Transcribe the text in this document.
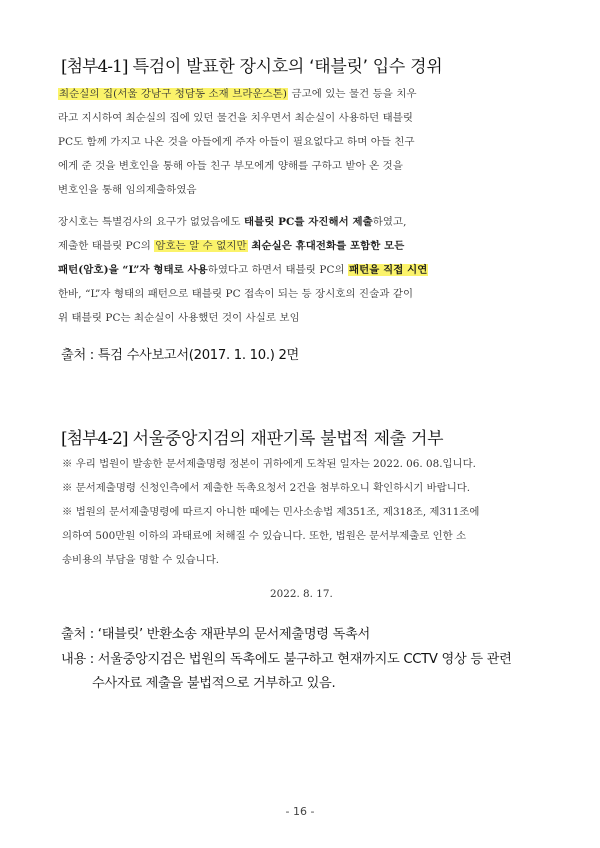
[첨부4-1] 특검이 발표한 장시호의 ‘태블릿’ 입수 경위

최순실의 집(서울 강남구 청담동 소재 브라운스톤) 금고에 있는 물건 등을 치우

라고 지시하여 최순실의 집에 있던 물건을 치우면서 최순실이 사용하던 태블릿

PC도 함께 가지고 나온 것을 아들에게 주자 아들이 필요없다고 하며 아들 친구

에게 준 것을 변호인을 통해 아들 친구 부모에게 양해를 구하고 받아 온 것을

변호인을 통해 임의제출하였음

장시호는 특별검사의 요구가 없었음에도 태블릿 PC를 자진해서 제출하였고,

제출한 태블릿 PC의 암호는 알 수 없지만 최순실은 휴대전화를 포함한 모든

패턴(암호)을 “L”자 형태로 사용하였다고 하면서 태블릿 PC의 패턴을 직접 시연

한바, “L”자 형태의 패턴으로 태블릿 PC 접속이 되는 등 장시호의 진술과 같이

위 태블릿 PC는 최순실이 사용했던 것이 사실로 보임

출처 : 특검 수사보고서(2017. 1. 10.) 2면
[첨부4-2] 서울중앙지검의 재판기록 불법적 제출 거부

※ 우리 법원이 발송한 문서제출명령 정본이 귀하에게 도착된 일자는 2022. 06. 08.입니다.

※ 문서제출명령 신청인측에서 제출한 독촉요청서 2건을 첨부하오니 확인하시기 바랍니다.

※ 법원의 문서제출명령에 따르지 아니한 때에는 민사소송법 제351조, 제318조, 제311조에

의하여 500만원 이하의 과태료에 처해질 수 있습니다. 또한, 법원은 문서부제출로 인한 소

송비용의 부담을 명할 수 있습니다.

2022. 8. 17.
출처 : ‘태블릿’ 반환소송 재판부의 문서제출명령 독촉서
내용 : 서울중앙지검은 법원의 독촉에도 불구하고 현재까지도 CCTV 영상 등 관련
수사자료 제출을 불법적으로 거부하고 있음.
- 16 -
